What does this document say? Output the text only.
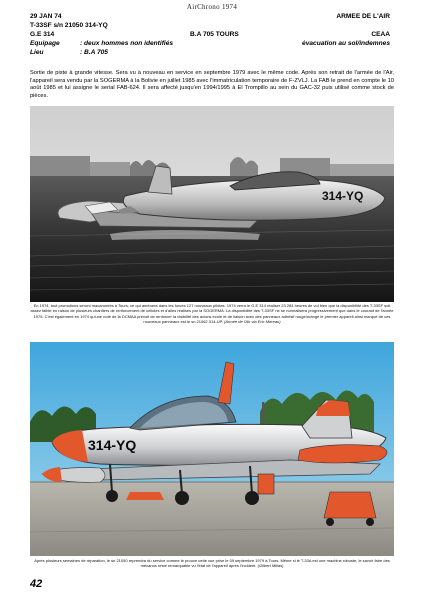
AirChrono 1974
29 JAN 74	ARMEE DE L'AIR
T-33SF s/n 21050 314-YQ
G.E 314	B.A 705 TOURS	CEAA
Equipage	: deux hommes non identifiés	évacuation au sol/indemnes
Lieu	: B.A 705
Sortie de piste à grande vitesse. Sera vu à nouveau en service en septembre 1979 avec le même code. Après son retrait de l'armée de l'Air, l'appareil sera vendu par la SOGERMA à la Bolivie en juillet 1985 avec l'immatriculation temporaire de F-ZVLJ. La FAB le prend en compte le 10 août 1985 et lui assigne le serial FAB-624. Il sera affecté jusqu'en 1994/1995 à El Trompillo au sein du GAC-32 puis utilisé comme stock de pièces.
314-YQ
En 1974, tout promotions seront macaronées à Tours, ce qui amènera dans les forces 127 nouveaux pilotes. 1974 verra le G.E 314 réaliser 23 284 heures de vol bien que la disponibilité des T-33SF soit assez faible en raison de plusieurs chantiers de renforcement de cellules et d'ailes réalisés par la SOGERMA. La disponibilité des T-33SF ne se normalisera progressivement que dans le courant de l'année 1975. C'est également en 1974 qu'une note de la DCMAA prévoit de renforcer la visibilité des avions école et de liaison avec des panneaux adhésif rouge/orangé le premier appareil ainsi marqué de ces nouveaux panneaux est le sn 21062 314-UP. (Armée de l'Air via Eric Moreau)
314-YQ
Après plusieurs semaines de réparation, le sn 21050 reprendra du service comme le prouve cette vue prise le 09 septembre 1979 à Tours. Même si le T-33A est une machine robuste, le savoir faire des mécanos reste remarquable vu l'état de l'appareil après l'incident. (Gilbert Millas)
42
